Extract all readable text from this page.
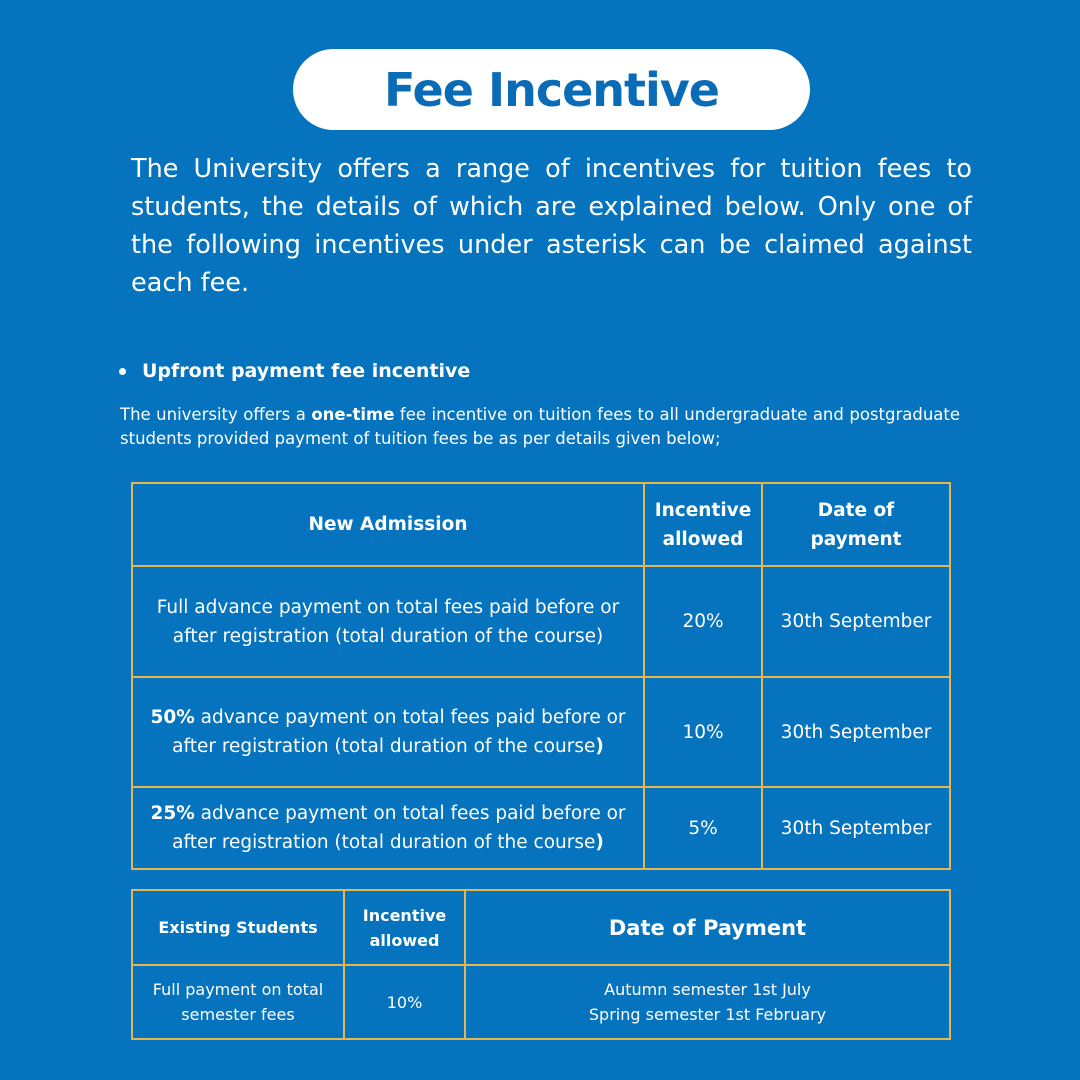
Fee Incentive

The University offers a range of incentives for tuition fees to students, the details of which are explained below. Only one of the following incentives under asterisk can be claimed against each fee.

Upfront payment fee incentive

The university offers a one-time fee incentive on tuition fees to all undergraduate and postgraduate students provided payment of tuition fees be as per details given below;

New Admission	Incentive allowed	Date of payment
Full advance payment on total fees paid before or after registration (total duration of the course)	20%	30th September
50% advance payment on total fees paid before or after registration (total duration of the course)	10%	30th September
25% advance payment on total fees paid before or after registration (total duration of the course)	5%	30th September
Existing Students	Incentive allowed	Date of Payment
Full payment on total semester fees	10%	Autumn semester 1st July
Spring semester 1st February
